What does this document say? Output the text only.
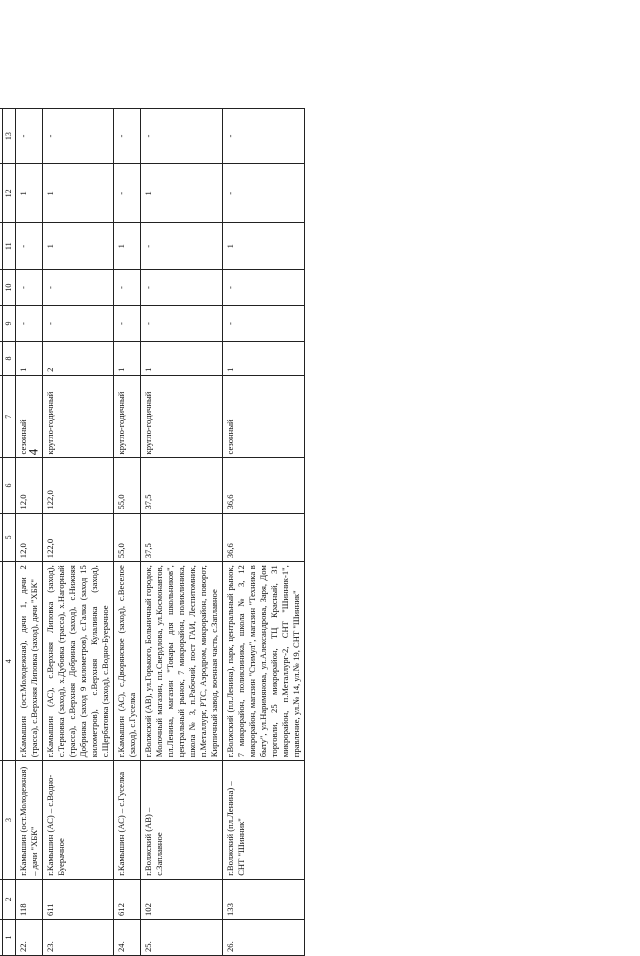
4

1	2	3	4	5	6	7	8	9	10	11	12	13
22.	118	г.Камышин (ост.Молодежная) – дачи "ХБК"	г.Камышин (ост.Молодежная), дачи 1, дачи 2 (трасса), с.Верхняя Липовка (заход), дачи "ХБК"	12,0	12,0	сезонный	1	-	-	-	1	-
23.	611	г.Камышин (АС) – с.Водно-Буерачное	г.Камышин (АС), с.Верхняя Липовка (заход), с.Терновка (заход), х.Дубовка (трасса), х.Нагорный (трасса), с.Верхняя Добринка (заход), с.Нижняя Добринка (заход 9 километров), с.Галка (заход 15 километров), с.Верхняя Кулалинка (заход), с.Щербатовка (заход), с.Водно-Буерачное	122,0	122,0	кругло-годичный	2	-	-	1	1	-
24.	612	г.Камышин (АС) – с.Гуселка	г.Камышин (АС), с.Дворянское (заход), с.Веселое (заход), с.Гуселка	55,0	55,0	кругло-годичный	1	-	-	1	-	-
25.	102	г.Волжский (АВ) – с.Заплавное	г.Волжский (АВ), ул.Горького, Больничный городок, Молочный магазин, пл.Свердлова, ул.Космонавтов, пл.Ленина, магазин "Товары для школьников", центральный рынок, 7 микрорайон, поликлиника, школа № 3, п.Рабочий, пост ГАИ, Леспитомник, п.Металлург, РТС, Аэродром, микрорайон, поворот, Кирпичный завод, военная часть, с.Заплавное	37,5	37,5	кругло-годичный	1	-	-	-	1	-
26.	133	г.Волжский (пл.Ленина) – СНТ "Шинник"	г.Волжский (пл.Ленина), парк, центральный рынок, 7 микрорайон, поликлиника, школа № 3, 12 микрорайон, магазин "Стимул", магазин "Техника в быту", ул.Наримянова, ул.Александрова, Заря, Дом торговли, 25 микрорайон, ТЦ Красный, 31 микрорайон, п.Металлург-2, СНТ "Шинник-1", правление, ул.№ 14, ул.№ 19, СНТ "Шинник"	36,6	36,6	сезонный	1	-	-	1	-	-
